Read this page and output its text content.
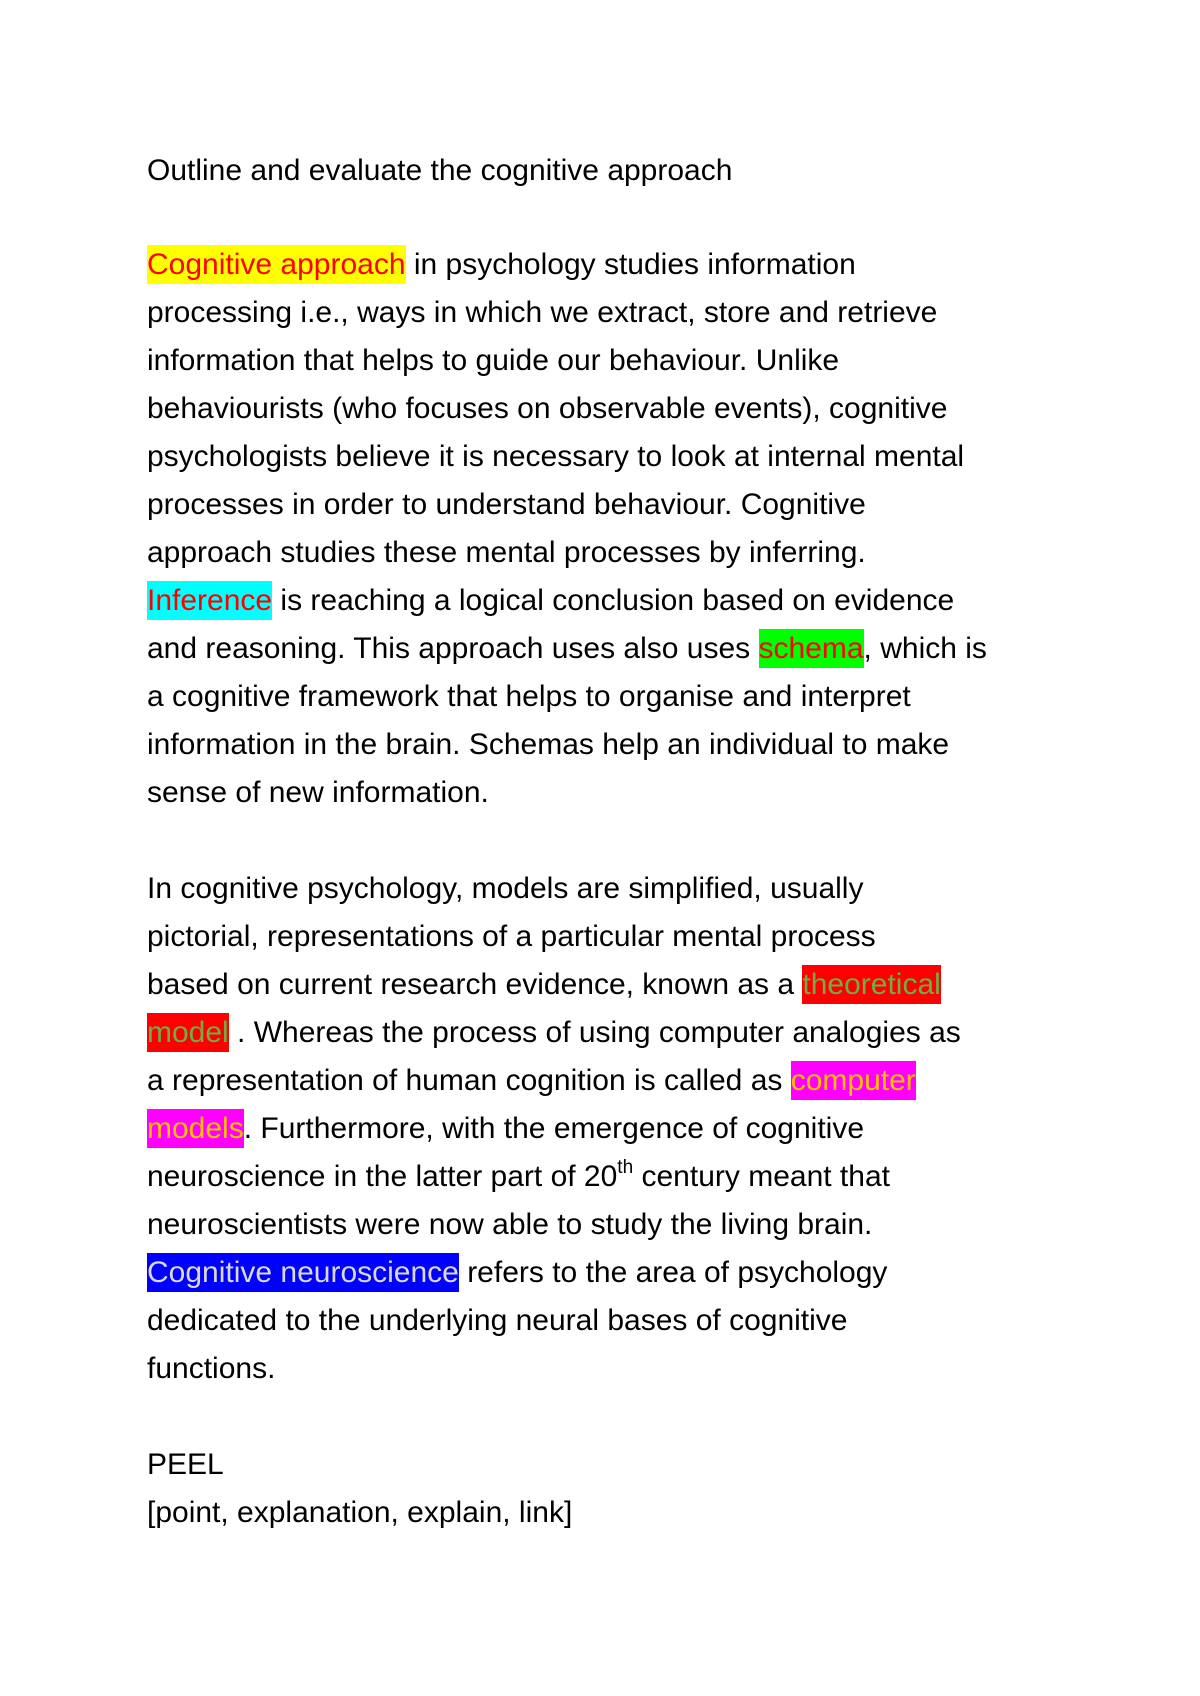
Outline and evaluate the cognitive approach
Cognitive approach in psychology studies information
processing i.e., ways in which we extract, store and retrieve
information that helps to guide our behaviour. Unlike
behaviourists (who focuses on observable events), cognitive
psychologists believe it is necessary to look at internal mental
processes in order to understand behaviour. Cognitive
approach studies these mental processes by inferring.
Inference is reaching a logical conclusion based on evidence
and reasoning. This approach uses also uses schema, which is
a cognitive framework that helps to organise and interpret
information in the brain. Schemas help an individual to make
sense of new information.
In cognitive psychology, models are simplified, usually
pictorial, representations of a particular mental process
based on current research evidence, known as a theoretical
model . Whereas the process of using computer analogies as
a representation of human cognition is called as computer
models. Furthermore, with the emergence of cognitive
neuroscience in the latter part of 20th century meant that
neuroscientists were now able to study the living brain.
Cognitive neuroscience refers to the area of psychology
dedicated to the underlying neural bases of cognitive
functions.
PEEL
[point, explanation, explain, link]
